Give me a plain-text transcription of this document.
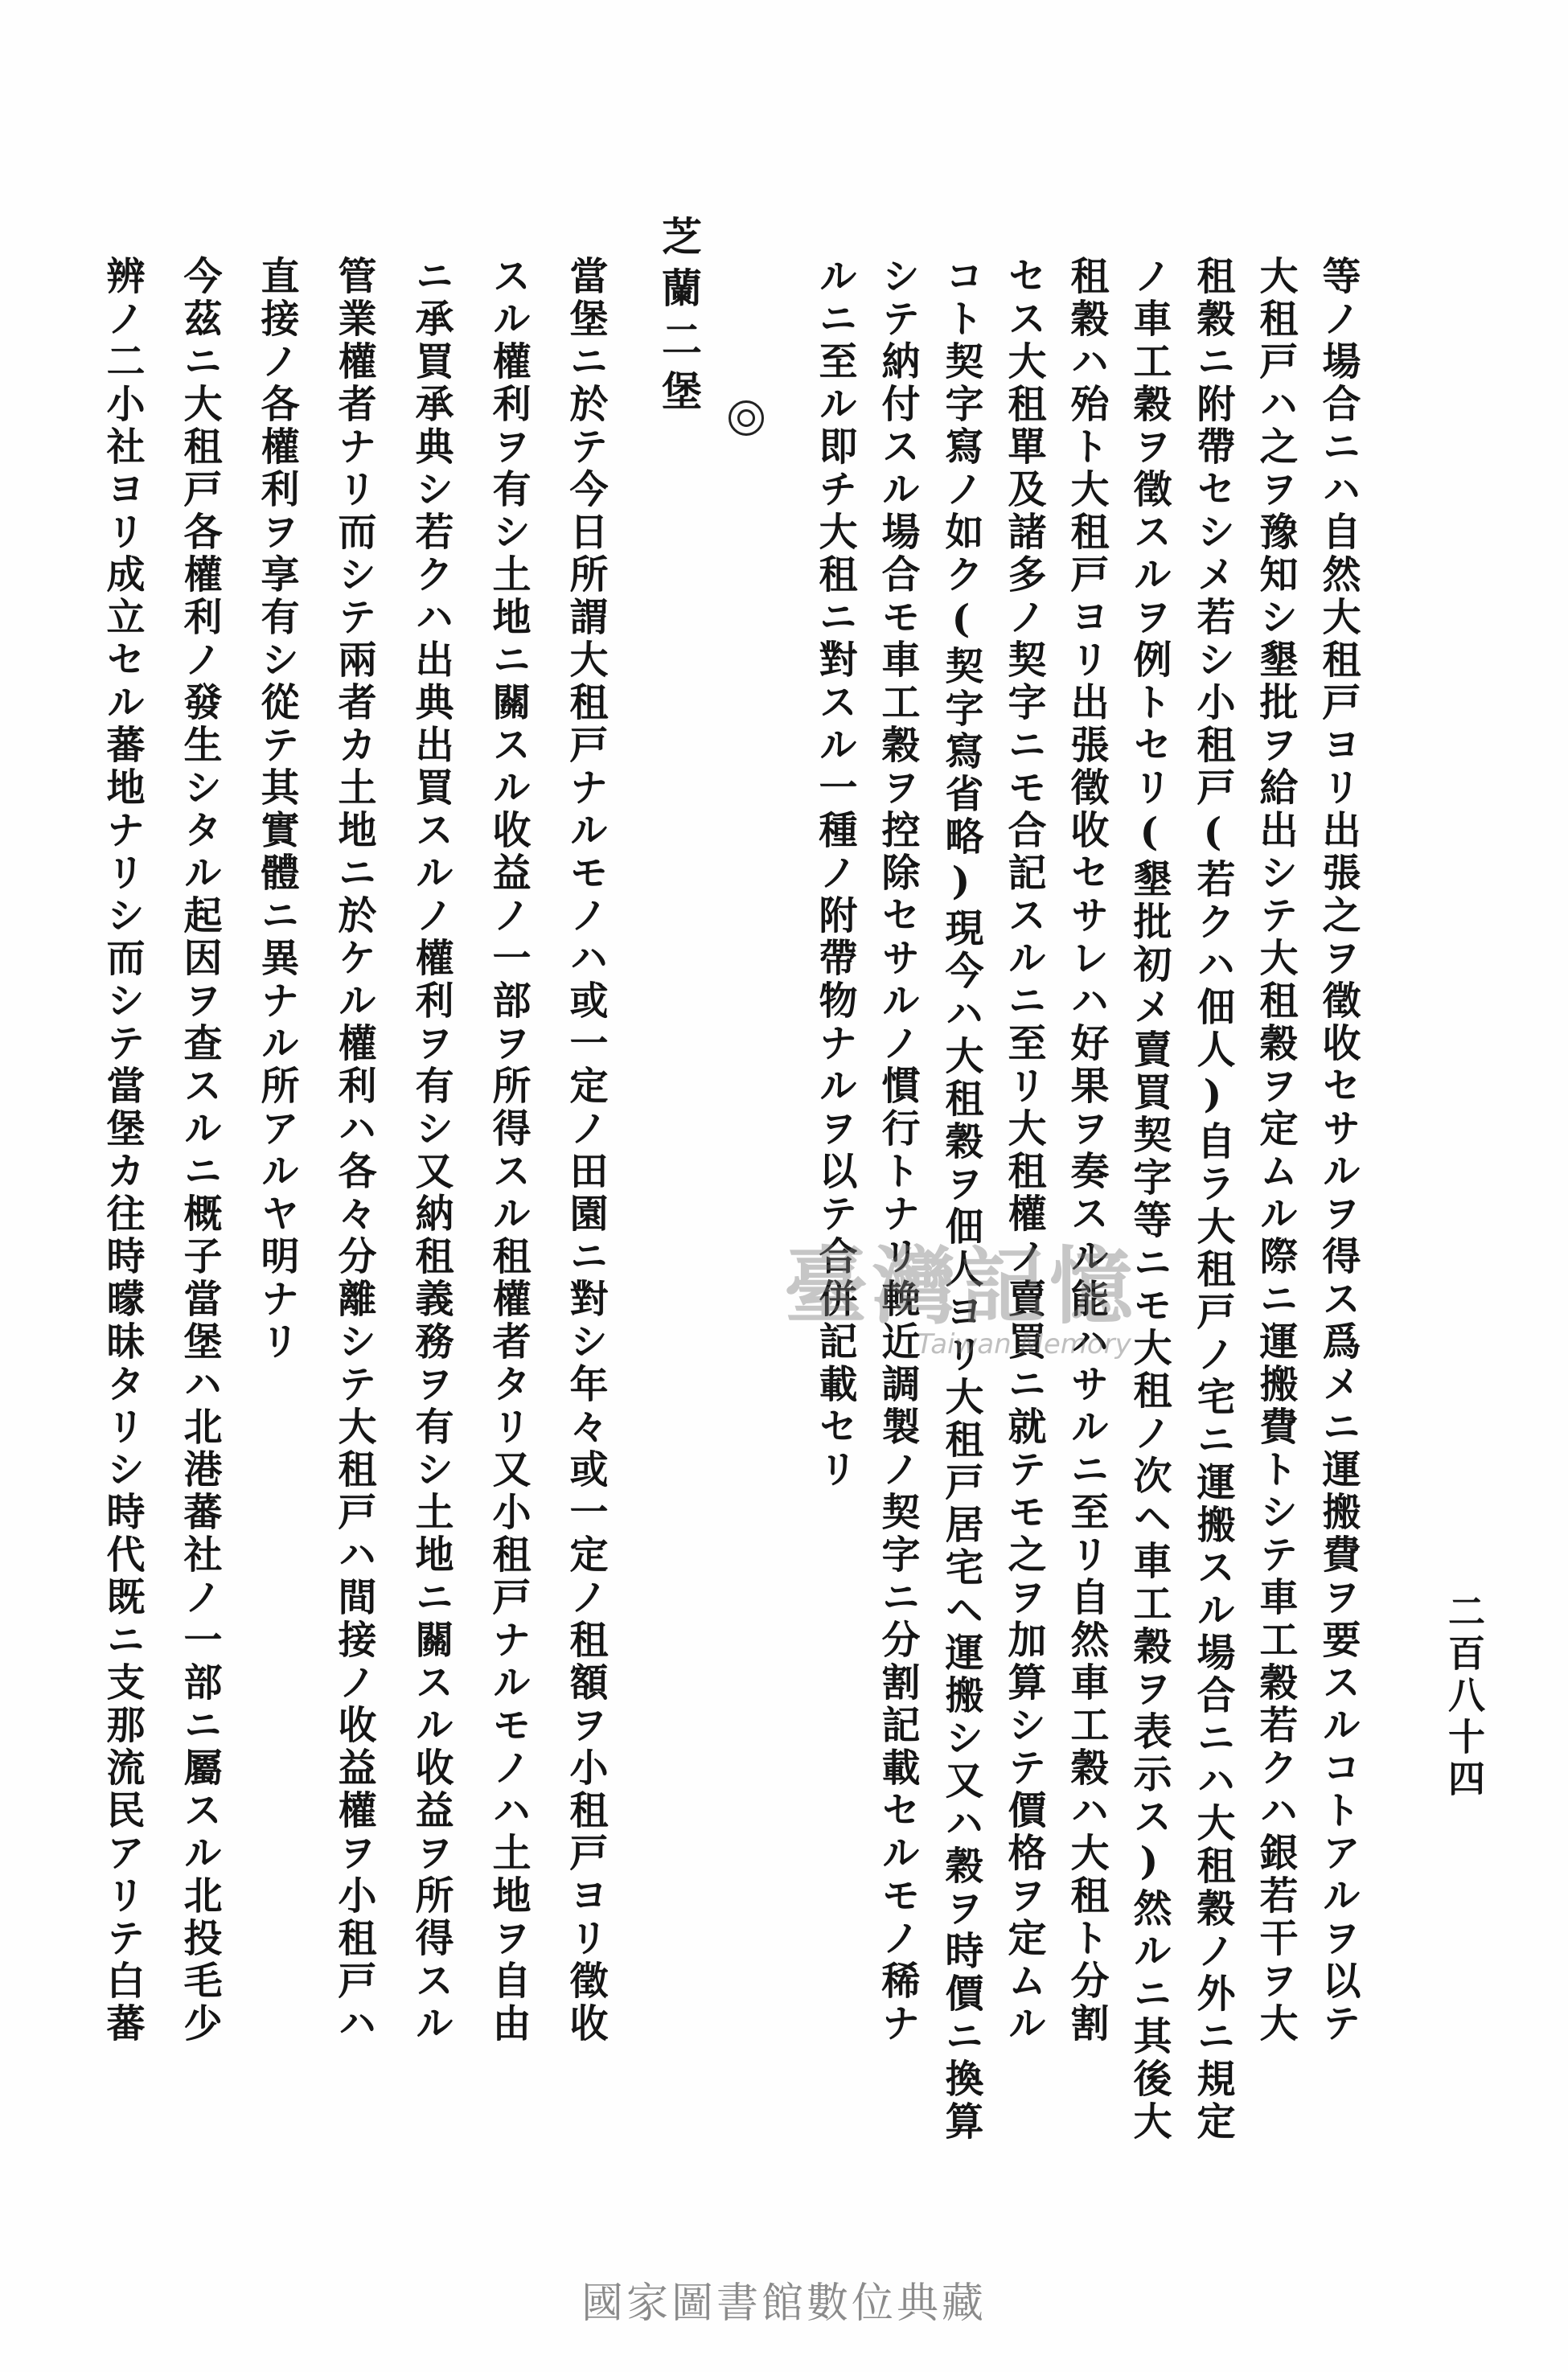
二百八十四
等ノ場合ニハ自然大租戸ヨリ出張之ヲ徵收セサルヲ得ス爲メニ運搬費ヲ要スルコトアルヲ以テ
大租戸ハ之ヲ豫知シ墾批ヲ給出シテ大租穀ヲ定ムル際ニ運搬費トシテ車工穀若クハ銀若干ヲ大
租穀ニ附帶セシメ若シ小租戸(若クハ佃人)自ラ大租戸ノ宅ニ運搬スル場合ニハ大租穀ノ外ニ規定
ノ車工穀ヲ徵スルヲ例トセリ(墾批初メ賣買契字等ニモ大租ノ次ヘ車工穀ヲ表示ス)然ルニ其後大
租穀ハ殆ト大租戸ヨリ出張徵收セサレハ好果ヲ奏スル能ハサルニ至リ自然車工穀ハ大租ト分割
セス大租單及諸多ノ契字ニモ合記スルニ至リ大租權ノ賣買ニ就テモ之ヲ加算シテ價格ヲ定ムル
コト契字寫ノ如ク(契字寫省略)現今ハ大租穀ヲ佃人ヨリ大租戸居宅ヘ運搬シ又ハ穀ヲ時價ニ換算
シテ納付スル場合モ車工穀ヲ控除セサルノ慣行トナリ輓近調製ノ契字ニ分割記載セルモノ稀ナ
ルニ至ル即チ大租ニ對スル一種ノ附帶物ナルヲ以テ合併記載セリ
芝蘭二堡
當堡ニ於テ今日所謂大租戸ナルモノハ或一定ノ田園ニ對シ年々或一定ノ租額ヲ小租戸ヨリ徵收
スル權利ヲ有シ土地ニ關スル收益ノ一部ヲ所得スル租權者タリ又小租戸ナルモノハ土地ヲ自由
ニ承買承典シ若クハ出典出買スルノ權利ヲ有シ又納租義務ヲ有シ土地ニ關スル收益ヲ所得スル
管業權者ナリ而シテ兩者カ土地ニ於ケル權利ハ各々分離シテ大租戸ハ間接ノ收益權ヲ小租戸ハ
直接ノ各權利ヲ享有シ從テ其實體ニ異ナル所アルヤ明ナリ
今茲ニ大租戸各權利ノ發生シタル起因ヲ查スルニ概子當堡ハ北港蕃社ノ一部ニ屬スル北投毛少
辨ノ二小社ヨリ成立セル蕃地ナリシ而シテ當堡カ往時曚昧タリシ時代既ニ支那流民アリテ白蕃	臺灣記憶
Taiwan Memory
國家圖書館數位典藏
